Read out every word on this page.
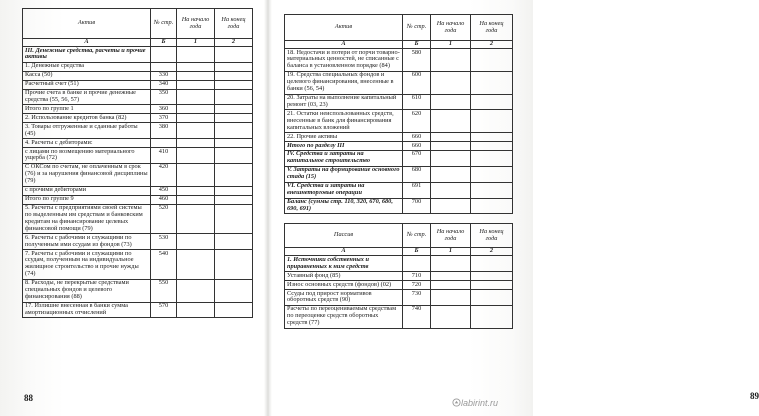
Актив	№ стр.	На начало года	На конец года
А	Б	1	2
III. Денежные средства, расчеты и прочие активы			
1. Денежные средства			
Касса (50)	330		
Расчетный счет (51)	340		
Прочие счета в банке и прочие денежные средства (55, 56, 57)	350		
Итого по группе 1	360		
2. Использование кредитов банка (82)	370		
3. Товары отгруженные и сданные работы (45)	380		
4. Расчеты с дебиторами:			
с лицами по возмещению материального ущерба (72)	410		
С ОКСом по счетам, не оплаченным в срок (76) и за нарушения финансовой дисциплины (79)	420		
с прочими дебиторами	450		
Итого по группе 9	460		
5. Расчеты с предприятиями своей системы по выделенным им средствам и банковским кредитам на финансирование целевых финансовой помощи (79)	520		
6. Расчеты с рабочими и служащими по полученным ими ссудам из фондов (73)	530		
7. Расчеты с рабочими и служащими по ссудам, полученным на индивидуальное жилищное строительство и прочие нужды (74)	540		
8. Расходы, не перекрытые средствами специальных фондов и целевого финансирования (88)	550		
17. Излишне внесенная в банки сумма амортизационных отчислений	570		
88
Актив	№ стр.	На начало года	На конец года
А	Б	1	2
18. Недостачи и потери от порчи товарно-материальных ценностей, не списанные с баланса в установленном порядке (84)	580		
19. Средства специальных фондов и целевого финансирования, внесенные в банки (56, 54)	600		
20. Затраты на выполнение капитальный ремонт (03, 23)	610		
21. Остатки неиспользованных средств, внесенные в банк для финансирования капитальных вложений	620		
22. Прочие активы	660		
Итого по разделу III	660		
IV. Средства и затраты на капитальное строительство	670		
V. Затраты на формирование основного стада (15)	680		
VI. Средства и затраты на внешнеторговые операции	691		
Баланс (суммы стр. 110, 320, 670, 680, 690, 691)	700		

Пассив	№ стр.	На начало года	На конец года
А	Б	1	2
1. Источники собственных и приравненных к ним средств			
Уставный фонд (85)	710		
Износ основных средств (фондов) (02)	720		
Ссуды под прирост нормативов оборотных средств (90)	730		
Расчеты по переоцениваемым средствам по переоценке средств оборотных средств (77)	740		
89
labirint.ru
